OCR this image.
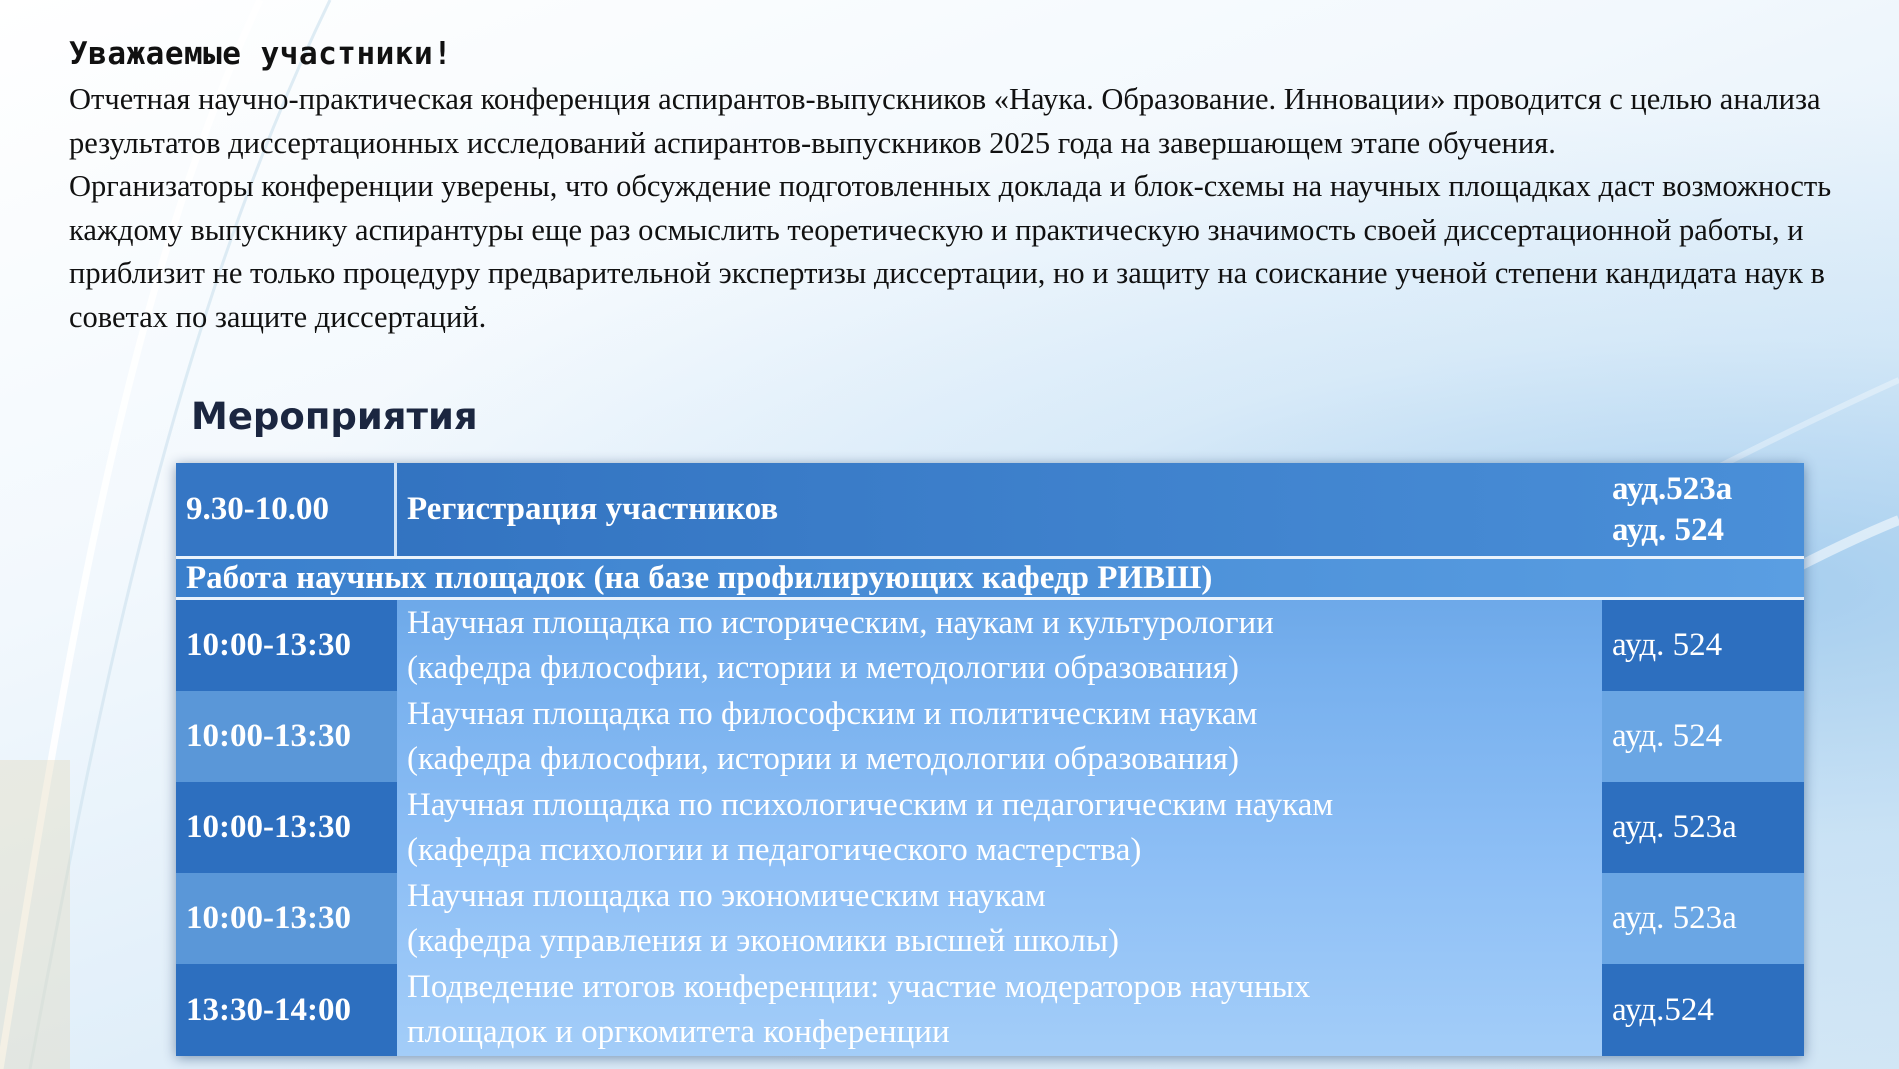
Уважаемые участники!

Отчетная научно-практическая конференция аспирантов-выпускников «Наука. Образование. Инновации» проводится с целью анализа результатов диссертационных исследований аспирантов-выпускников 2025 года на завершающем этапе обучения.

Организаторы конференции уверены, что обсуждение подготовленных доклада и блок-схемы на научных площадках даст возможность каждому выпускнику аспирантуры еще раз осмыслить теоретическую и практическую значимость своей диссертационной работы, и приблизит не только процедуру предварительной экспертизы диссертации, но и защиту на соискание ученой степени кандидата наук в советах по защите диссертаций.

Мероприятия
9.30-10.00	Регистрация участников
ауд.523а
ауд. 524
Работа научных площадок (на базе профилирующих кафедр РИВШ)
10:00-13:30
Научная площадка по историческим, наукам и культурологии
(кафедра философии, истории и методологии образования)
ауд. 524
10:00-13:30
Научная площадка по философским и политическим наукам
(кафедра философии, истории и методологии образования)
ауд. 524
10:00-13:30
Научная площадка по психологическим и педагогическим наукам
(кафедра психологии и педагогического мастерства)
ауд. 523а
10:00-13:30
Научная площадка по экономическим наукам
(кафедра управления и экономики высшей школы)
ауд. 523а
13:30-14:00
Подведение итогов конференции: участие модераторов научных
площадок и оргкомитета конференции
ауд.524
